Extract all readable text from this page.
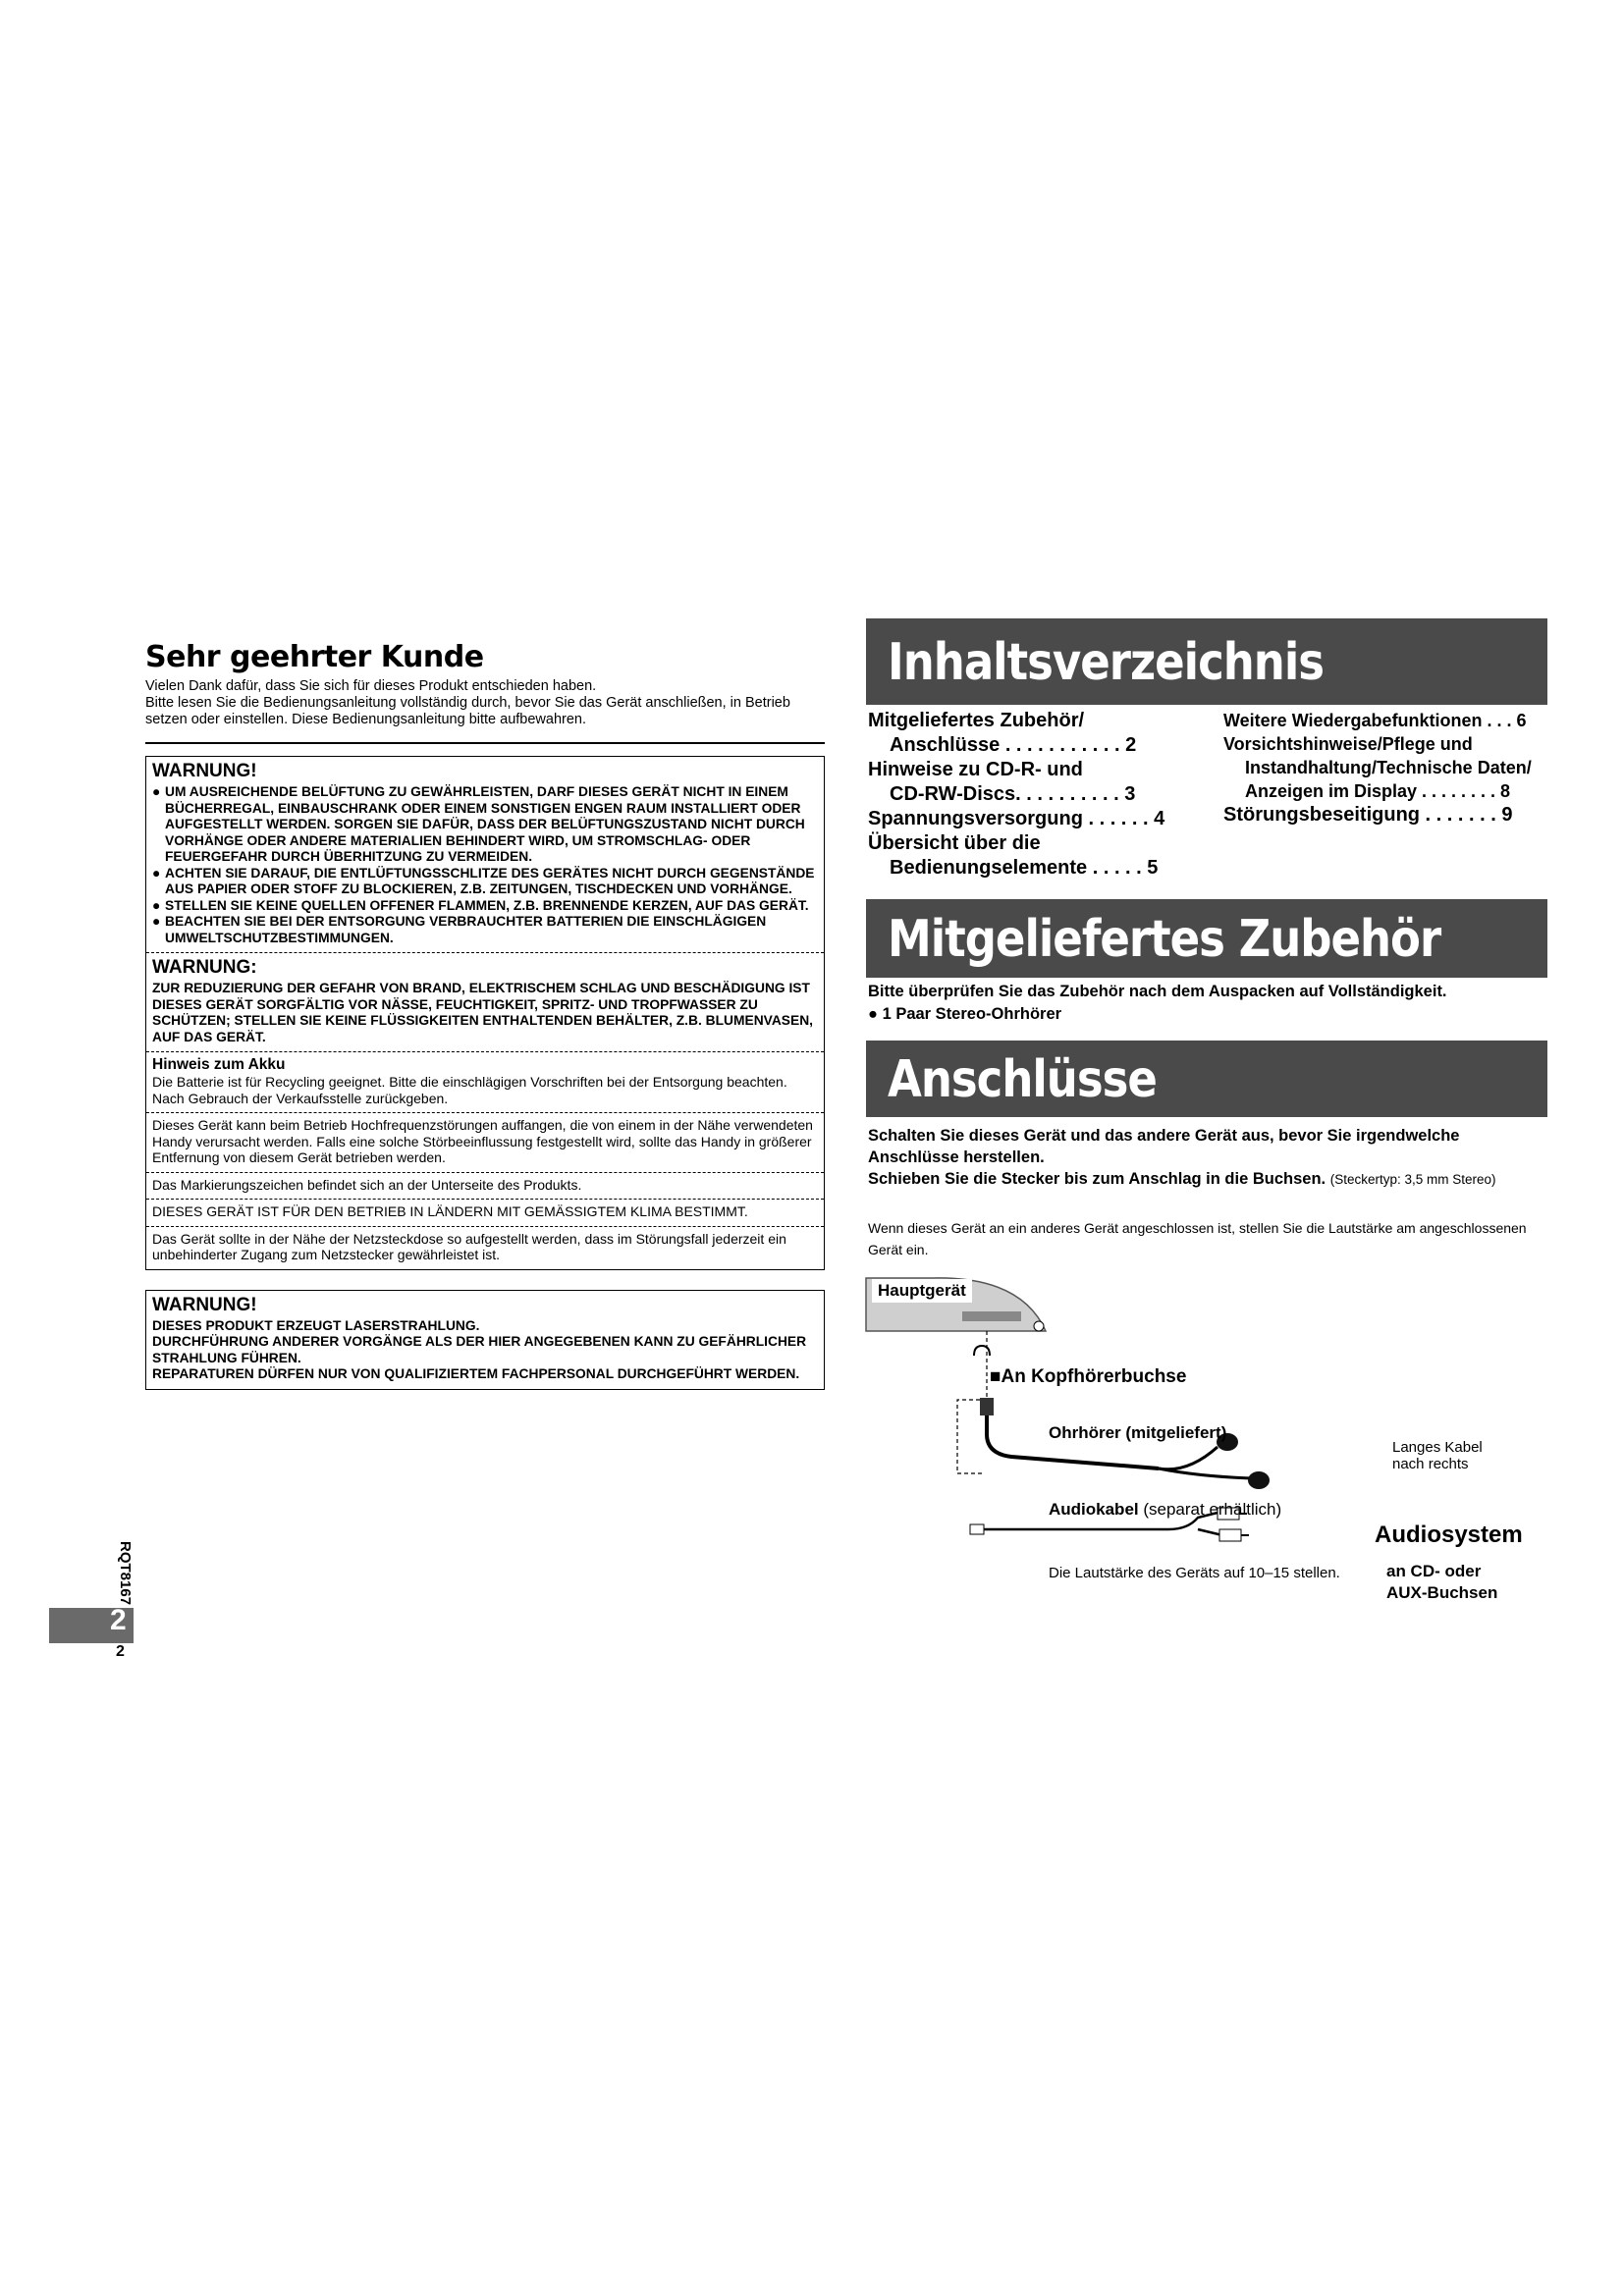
Sehr geehrter Kunde

Vielen Dank dafür, dass Sie sich für dieses Produkt entschieden haben.

Bitte lesen Sie die Bedienungsanleitung vollständig durch, bevor Sie das Gerät anschließen, in Betrieb setzen oder einstellen. Diese Bedienungsanleitung bitte aufbewahren.

WARNUNG!
● UM AUSREICHENDE BELÜFTUNG ZU GEWÄHRLEISTEN, DARF DIESES GERÄT NICHT IN EINEM BÜCHERREGAL, EINBAUSCHRANK ODER EINEM SONSTIGEN ENGEN RAUM INSTALLIERT ODER AUFGESTELLT WERDEN. SORGEN SIE DAFÜR, DASS DER BELÜFTUNGSZUSTAND NICHT DURCH VORHÄNGE ODER ANDERE MATERIALIEN BEHINDERT WIRD, UM STROMSCHLAG- ODER FEUERGEFAHR DURCH ÜBERHITZUNG ZU VERMEIDEN.
● ACHTEN SIE DARAUF, DIE ENTLÜFTUNGSSCHLITZE DES GERÄTES NICHT DURCH GEGENSTÄNDE AUS PAPIER ODER STOFF ZU BLOCKIEREN, Z.B. ZEITUNGEN, TISCHDECKEN UND VORHÄNGE.
● STELLEN SIE KEINE QUELLEN OFFENER FLAMMEN, Z.B. BRENNENDE KERZEN, AUF DAS GERÄT.
● BEACHTEN SIE BEI DER ENTSORGUNG VERBRAUCHTER BATTERIEN DIE EINSCHLÄGIGEN UMWELTSCHUTZBESTIMMUNGEN.
WARNUNG:
ZUR REDUZIERUNG DER GEFAHR VON BRAND, ELEKTRISCHEM SCHLAG UND BESCHÄDIGUNG IST DIESES GERÄT SORGFÄLTIG VOR NÄSSE, FEUCHTIGKEIT, SPRITZ- UND TROPFWASSER ZU SCHÜTZEN; STELLEN SIE KEINE FLÜSSIGKEITEN ENTHALTENDEN BEHÄLTER, Z.B. BLUMENVASEN, AUF DAS GERÄT.
Hinweis zum Akku

Die Batterie ist für Recycling geeignet. Bitte die einschlägigen Vorschriften bei der Entsorgung beachten.

Nach Gebrauch der Verkaufsstelle zurückgeben.

Dieses Gerät kann beim Betrieb Hochfrequenzstörungen auffangen, die von einem in der Nähe verwendeten Handy verursacht werden. Falls eine solche Störbeeinflussung festgestellt wird, sollte das Handy in größerer Entfernung von diesem Gerät betrieben werden.

Das Markierungszeichen befindet sich an der Unterseite des Produkts.

DIESES GERÄT IST FÜR DEN BETRIEB IN LÄNDERN MIT GEMÄSSIGTEM KLIMA BESTIMMT.

Das Gerät sollte in der Nähe der Netzsteckdose so aufgestellt werden, dass im Störungsfall jederzeit ein unbehinderter Zugang zum Netzstecker gewährleistet ist.

WARNUNG!
DIESES PRODUKT ERZEUGT LASERSTRAHLUNG.
DURCHFÜHRUNG ANDERER VORGÄNGE ALS DER HIER ANGEGEBENEN KANN ZU GEFÄHRLICHER STRAHLUNG FÜHREN.
REPARATUREN DÜRFEN NUR VON QUALIFIZIERTEM FACHPERSONAL DURCHGEFÜHRT WERDEN.
RQT8167
2
2
Inhaltsverzeichnis
Mitgeliefertes Zubehör/
Anschlüsse . . . . . . . . . . . 2
Hinweise zu CD-R- und
CD-RW-Discs. . . . . . . . . . 3
Spannungsversorgung . . . . . . 4
Übersicht über die
Bedienungselemente . . . . . 5
Weitere Wiedergabefunktionen . . . 6
Vorsichtshinweise/Pflege und
Instandhaltung/Technische Daten/
Anzeigen im Display . . . . . . . . 8
Störungsbeseitigung . . . . . . . 9
Mitgeliefertes Zubehör

Bitte überprüfen Sie das Zubehör nach dem Auspacken auf Vollständigkeit.

● 1 Paar Stereo-Ohrhörer

Anschlüsse

Schalten Sie dieses Gerät und das andere Gerät aus, bevor Sie irgendwelche Anschlüsse herstellen.

Schieben Sie die Stecker bis zum Anschlag in die Buchsen. (Steckertyp: 3,5 mm Stereo)

Wenn dieses Gerät an ein anderes Gerät angeschlossen ist, stellen Sie die Lautstärke am angeschlossenen Gerät ein.

Hauptgerät
■An Kopfhörerbuchse
Ohrhörer (mitgeliefert)
Langes Kabel nach rechts
Audiokabel (separat erhältlich)
Audiosystem
Die Lautstärke des Geräts auf 10–15 stellen.	an CD- oder AUX-Buchsen
